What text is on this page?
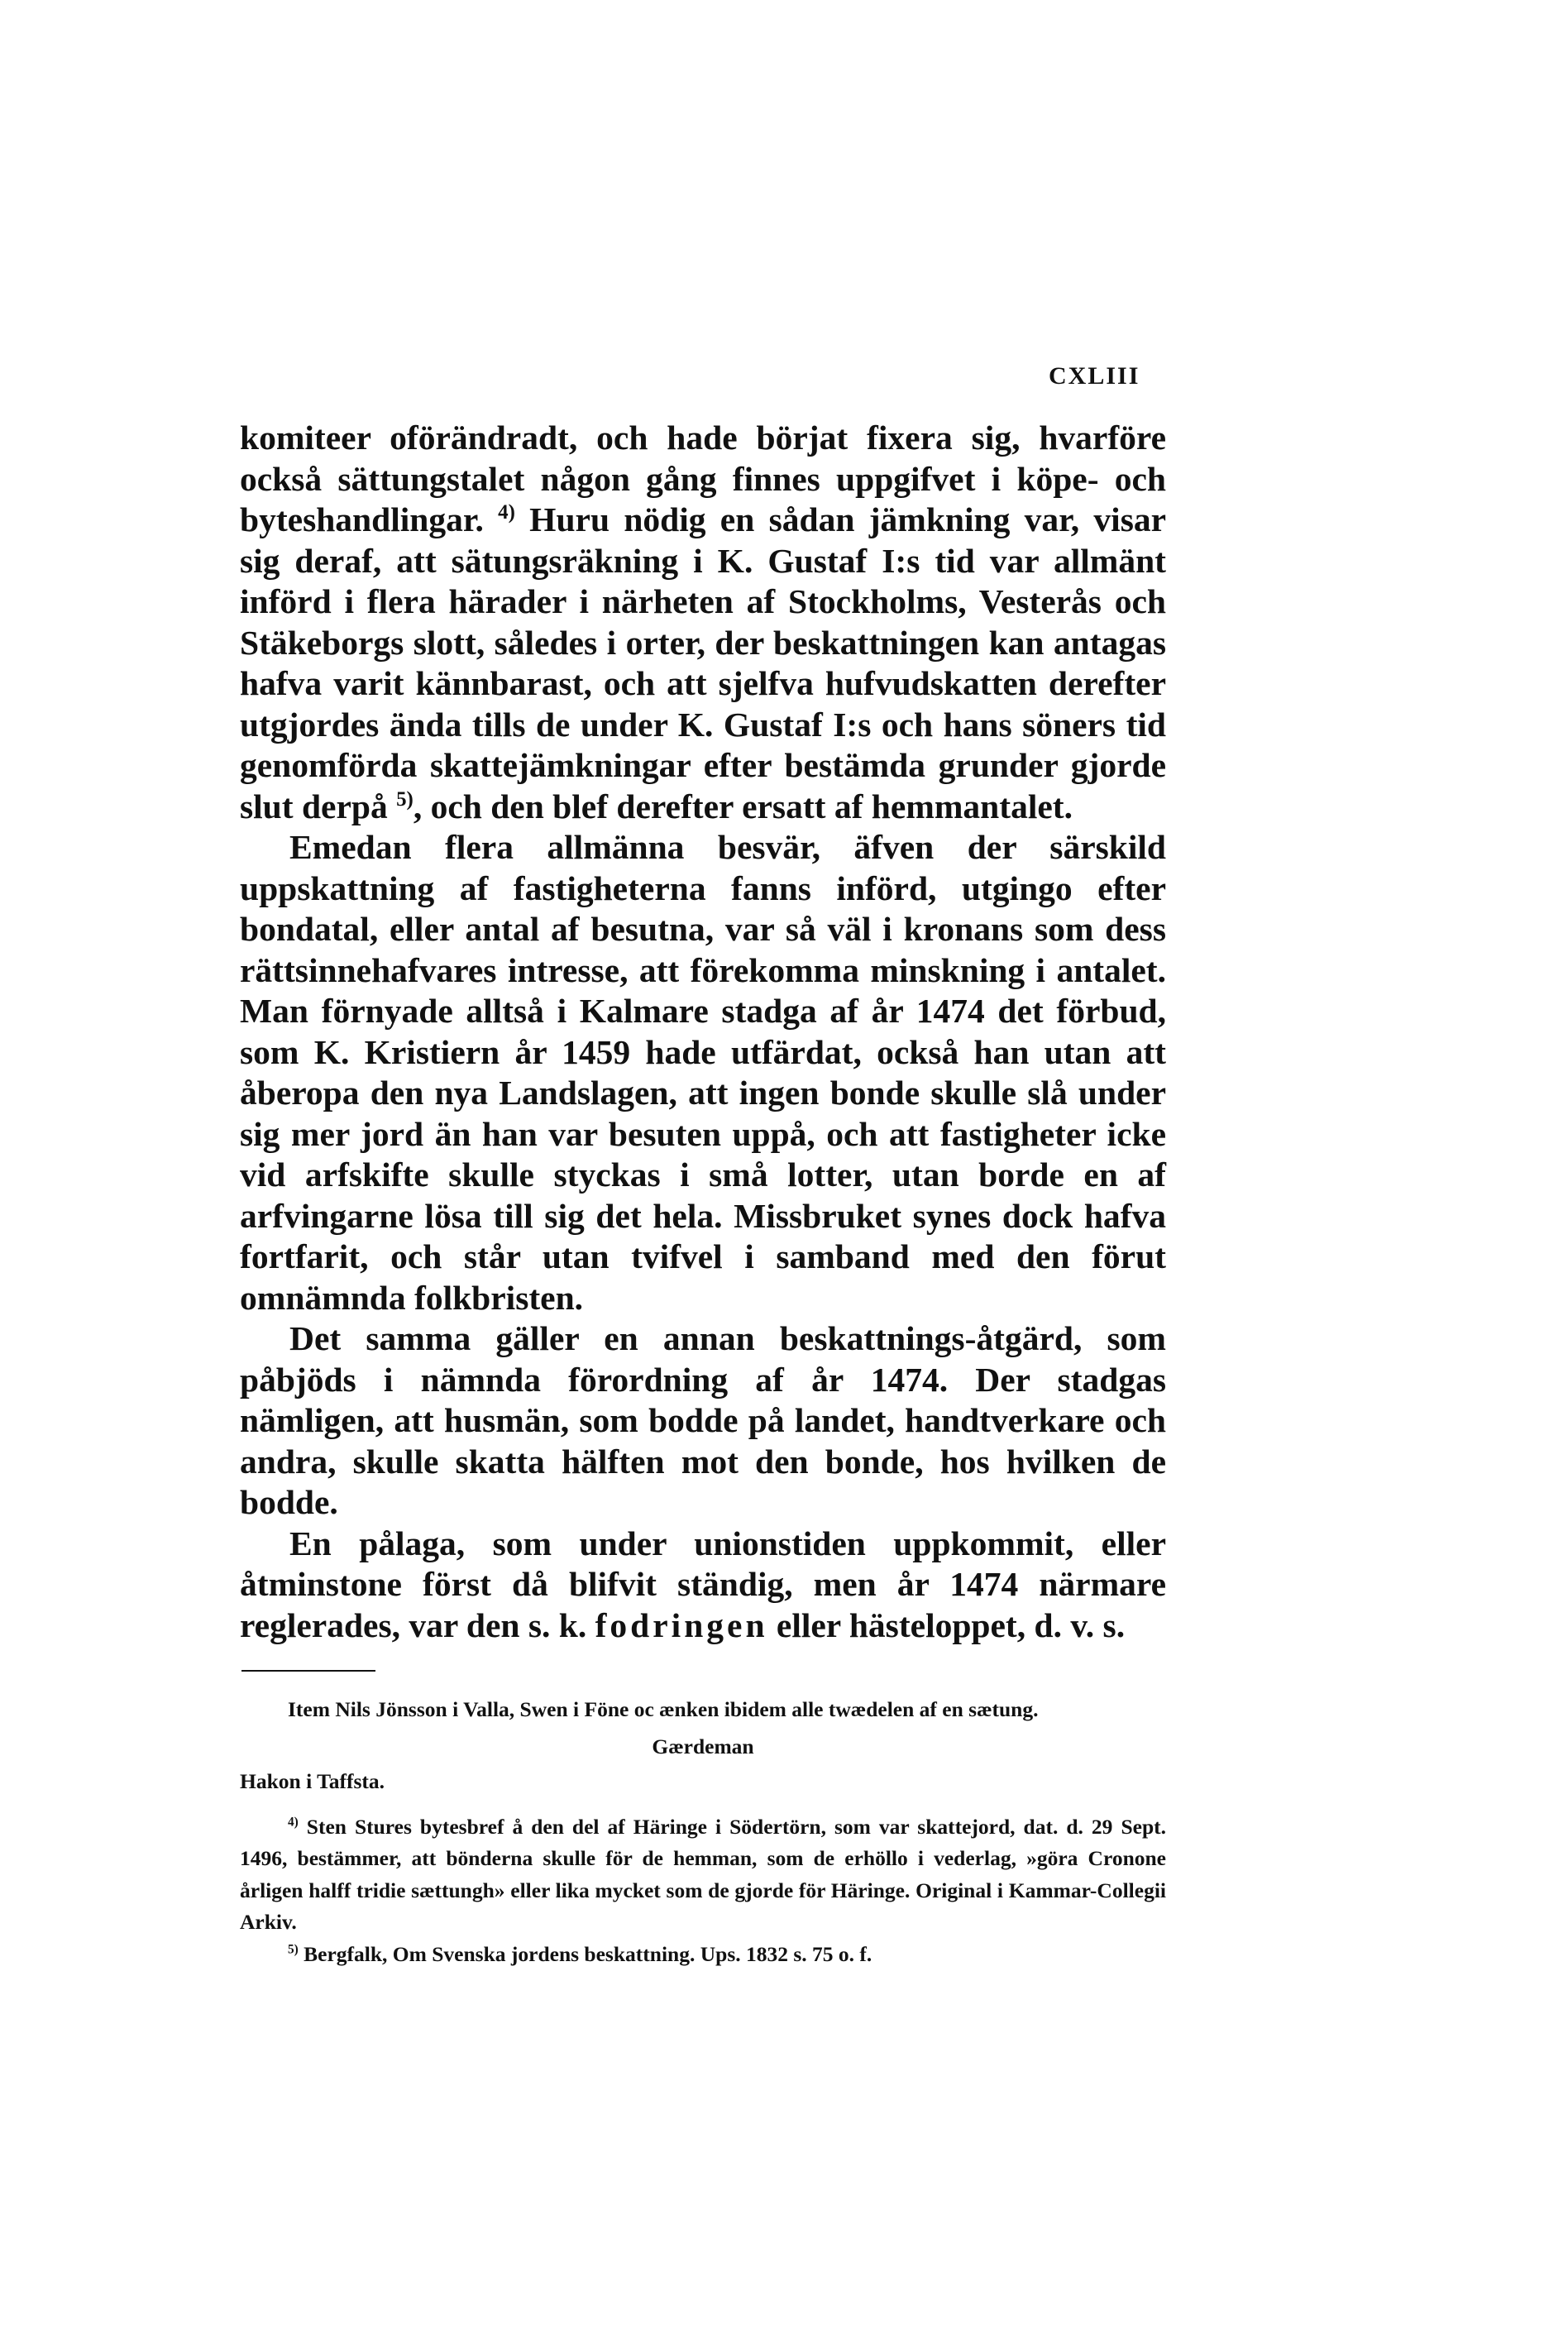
CXLIII

komiteer oförändradt, och hade börjat fixera sig, hvarföre också sättungstalet någon gång finnes uppgifvet i köpe- och byteshandlingar. $^{4)}$ Huru nödig en sådan jämkning var, visar sig deraf, att sätungsräkning i K. Gustaf I:s tid var allmänt införd i flera härader i närheten af Stockholms, Vesterås och Stäkeborgs slott, således i orter, der beskattningen kan antagas hafva varit kännbarast, och att sjelfva hufvudskatten derefter utgjordes ända tills de under K. Gustaf I:s och hans söners tid genomförda skattejämkningar efter bestämda grunder gjorde slut derpå $^{5)}$, och den blef derefter ersatt af hemmantalet.

Emedan flera allmänna besvär, äfven der särskild uppskattning af fastigheterna fanns införd, utgingo efter bondatal, eller antal af besutna, var så väl i kronans som dess rättsinnehafvares intresse, att förekomma minskning i antalet. Man förnyade alltså i Kalmare stadga af år 1474 det förbud, som K. Kristiern år 1459 hade utfärdat, också han utan att åberopa den nya Landslagen, att ingen bonde skulle slå under sig mer jord än han var besuten uppå, och att fastigheter icke vid arfskifte skulle styckas i små lotter, utan borde en af arfvingarne lösa till sig det hela. Missbruket synes dock hafva fortfarit, och står utan tvifvel i samband med den förut omnämnda folkbristen.

Det samma gäller en annan beskattnings-åtgärd, som påbjöds i nämnda förordning af år 1474. Der stadgas nämligen, att husmän, som bodde på landet, handtverkare och andra, skulle skatta hälften mot den bonde, hos hvilken de bodde.

En pålaga, som under unionstiden uppkommit, eller åtminstone först då blifvit ständig, men år 1474 närmare reglerades, var den s. k. fodringen eller hästeloppet, d. v. s.

Item Nils Jönsson i Valla, Swen i Föne oc ænken ibidem alle twædelen af en sætung.

Gærdeman

Hakon i Taffsta.

$^{4)}$ Sten Stures bytesbref å den del af Häringe i Södertörn, som var skattejord, dat. d. 29 Sept. 1496, bestämmer, att bönderna skulle för de hemman, som de erhöllo i vederlag, »göra Cronone årligen halff tridie sættungh» eller lika mycket som de gjorde för Häringe. Original i Kammar-Collegii Arkiv.

$^{5)}$ Bergfalk, Om Svenska jordens beskattning. Ups. 1832 s. 75 o. f.
